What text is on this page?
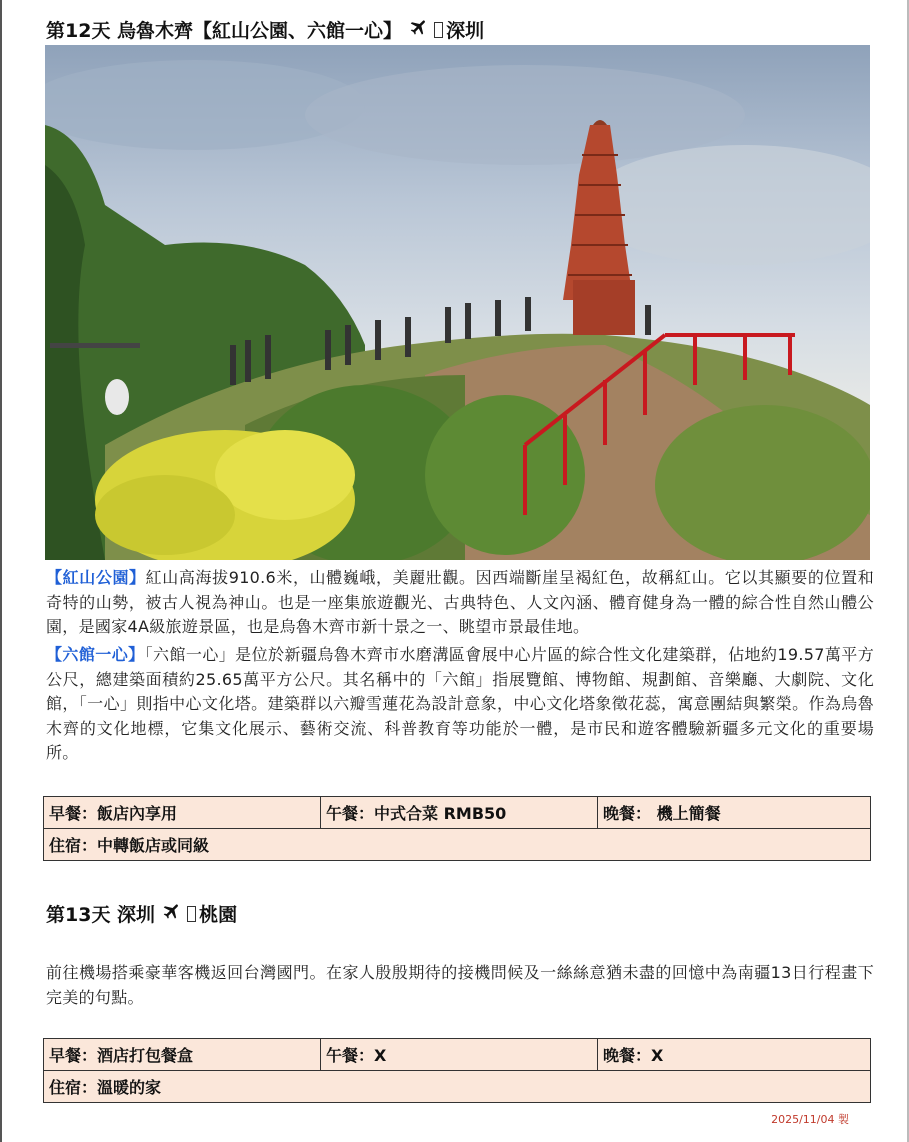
第12天 烏魯木齊【紅山公園、六館一心】 深圳
【紅山公園】紅山高海拔910.6米，山體巍峨，美麗壯觀。因西端斷崖呈褐紅色，故稱紅山。它以其顯要的位置和奇特的山勢，被古人視為神山。也是一座集旅遊觀光、古典特色、人文內涵、體育健身為一體的綜合性自然山體公園，是國家4A級旅遊景區，也是烏魯木齊市新十景之一、眺望市景最佳地。
【六館一心】「六館一心」是位於新疆烏魯木齊市水磨溝區會展中心片區的綜合性文化建築群，佔地約19.57萬平方公尺，總建築面積約25.65萬平方公尺。其名稱中的「六館」指展覽館、博物館、規劃館、音樂廳、大劇院、文化館，「一心」則指中心文化塔。建築群以六瓣雪蓮花為設計意象，中心文化塔象徵花蕊，寓意團結與繁榮。作為烏魯木齊的文化地標，它集文化展示、藝術交流、科普教育等功能於一體，是市民和遊客體驗新疆多元文化的重要場所。
早餐：飯店內享用	午餐：中式合菜 RMB50	晚餐： 機上簡餐
住宿：中轉飯店或同級
第13天 深圳 桃園
前往機場搭乘豪華客機返回台灣國門。在家人殷殷期待的接機問候及一絲絲意猶未盡的回憶中為南疆13日行程畫下完美的句點。
早餐：酒店打包餐盒	午餐：X	晚餐：X
住宿：溫暖的家
2025/11/04 製
